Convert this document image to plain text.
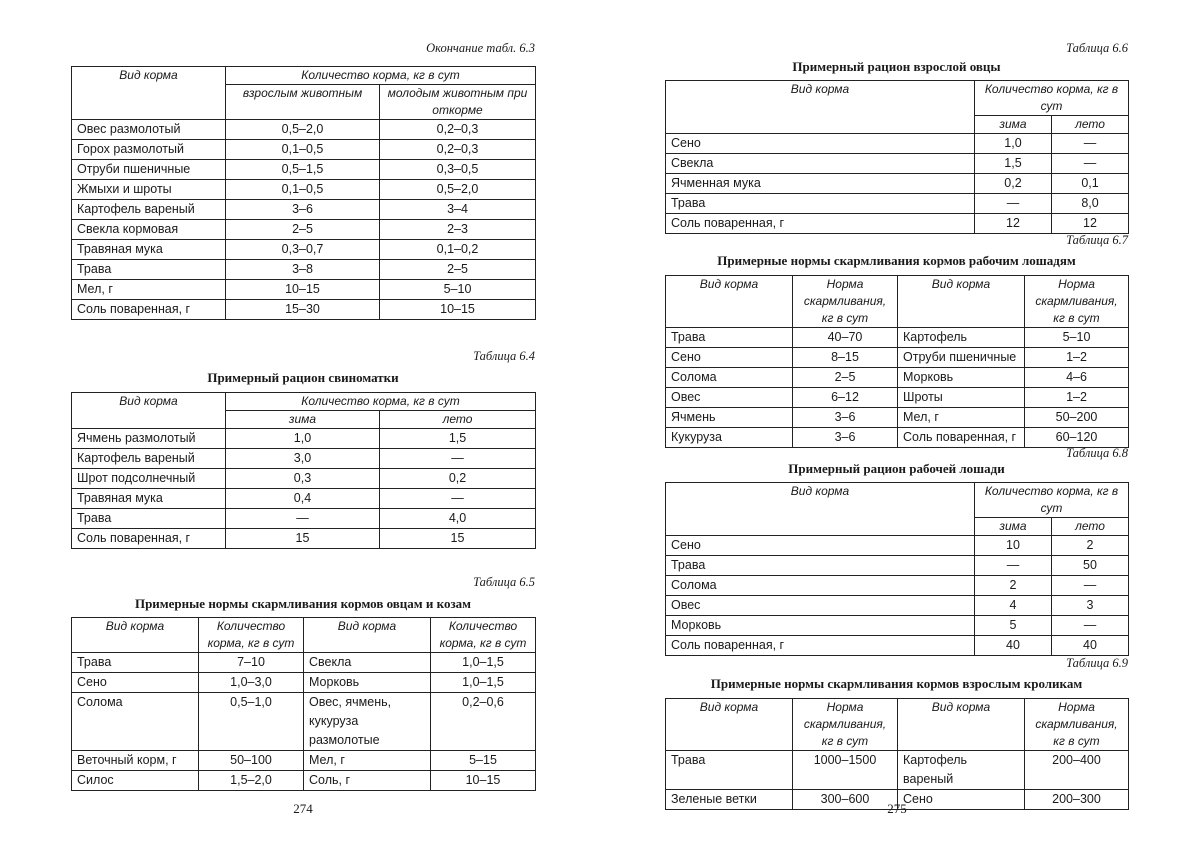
Окончание табл. 6.3
Вид корма	Количество корма, кг в сут	
	взрослым животным	молодым животным при откорме
Овес размолотый	0,5–2,0	0,2–0,3
Горох размолотый	0,1–0,5	0,2–0,3
Отруби пшеничные	0,5–1,5	0,3–0,5
Жмыхи и шроты	0,1–0,5	0,5–2,0
Картофель вареный	3–6	3–4
Свекла кормовая	2–5	2–3
Травяная мука	0,3–0,7	0,1–0,2
Трава	3–8	2–5
Мел, г	10–15	5–10
Соль поваренная, г	15–30	10–15
Таблица 6.4
Примерный рацион свиноматки
Вид корма	Количество корма, кг в сут	
	зима	лето
Ячмень размолотый	1,0	1,5
Картофель вареный	3,0	—
Шрот подсолнечный	0,3	0,2
Травяная мука	0,4	—
Трава	—	4,0
Соль поваренная, г	15	15
Таблица 6.5
Примерные нормы скармливания кормов овцам и козам
Вид корма	Количество корма, кг в сут	Вид корма	Количество корма, кг в сут
Трава	7–10	Свекла	1,0–1,5
Сено	1,0–3,0	Морковь	1,0–1,5
Солома	0,5–1,0	Овес, ячмень, кукуруза размолотые	0,2–0,6
Веточный корм, г	50–100	Мел, г	5–15
Силос	1,5–2,0	Соль, г	10–15
274
Таблица 6.6
Примерный рацион взрослой овцы
Вид корма	Количество корма, кг в сут	
	зима	лето
Сено	1,0	—
Свекла	1,5	—
Ячменная мука	0,2	0,1
Трава	—	8,0
Соль поваренная, г	12	12
Таблица 6.7
Примерные нормы скармливания кормов рабочим лошадям
Вид корма	Норма скармливания, кг в сут	Вид корма	Норма скармливания, кг в сут
Трава	40–70	Картофель	5–10
Сено	8–15	Отруби пшеничные	1–2
Солома	2–5	Морковь	4–6
Овес	6–12	Шроты	1–2
Ячмень	3–6	Мел, г	50–200
Кукуруза	3–6	Соль поваренная, г	60–120
Таблица 6.8
Примерный рацион рабочей лошади
Вид корма	Количество корма, кг в сут	
	зима	лето
Сено	10	2
Трава	—	50
Солома	2	—
Овес	4	3
Морковь	5	—
Соль поваренная, г	40	40
Таблица 6.9
Примерные нормы скармливания кормов взрослым кроликам
Вид корма	Норма скармливания, кг в сут	Вид корма	Норма скармливания, кг в сут
Трава	1000–1500	Картофель вареный	200–400
Зеленые ветки	300–600	Сено	200–300
275
